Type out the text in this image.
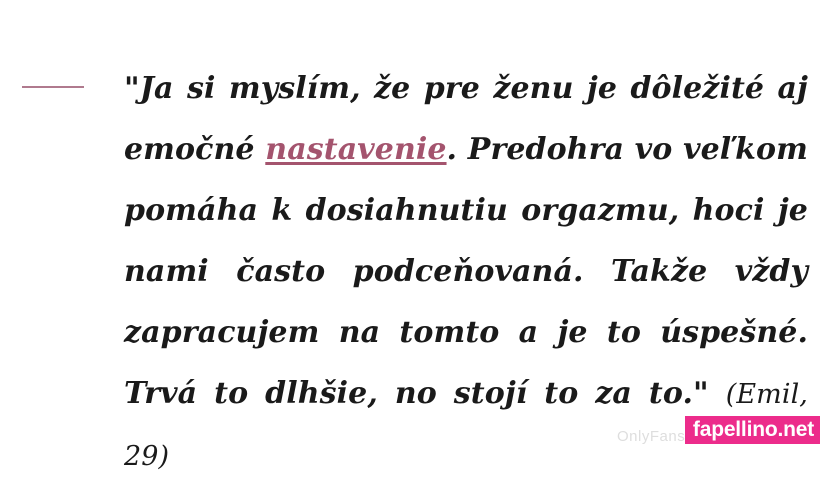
"Ja si myslím, že pre ženu je dôležité aj emočné nastavenie. Predohra vo veľkom pomáha k dosiahnutiu orgazmu, hoci je nami často podceňovaná. Takže vždy zapracujem na tomto a je to úspešné. Trvá to dlhšie, no stojí to za to." (Emil, 29)
OnlyFans fapellino.net
